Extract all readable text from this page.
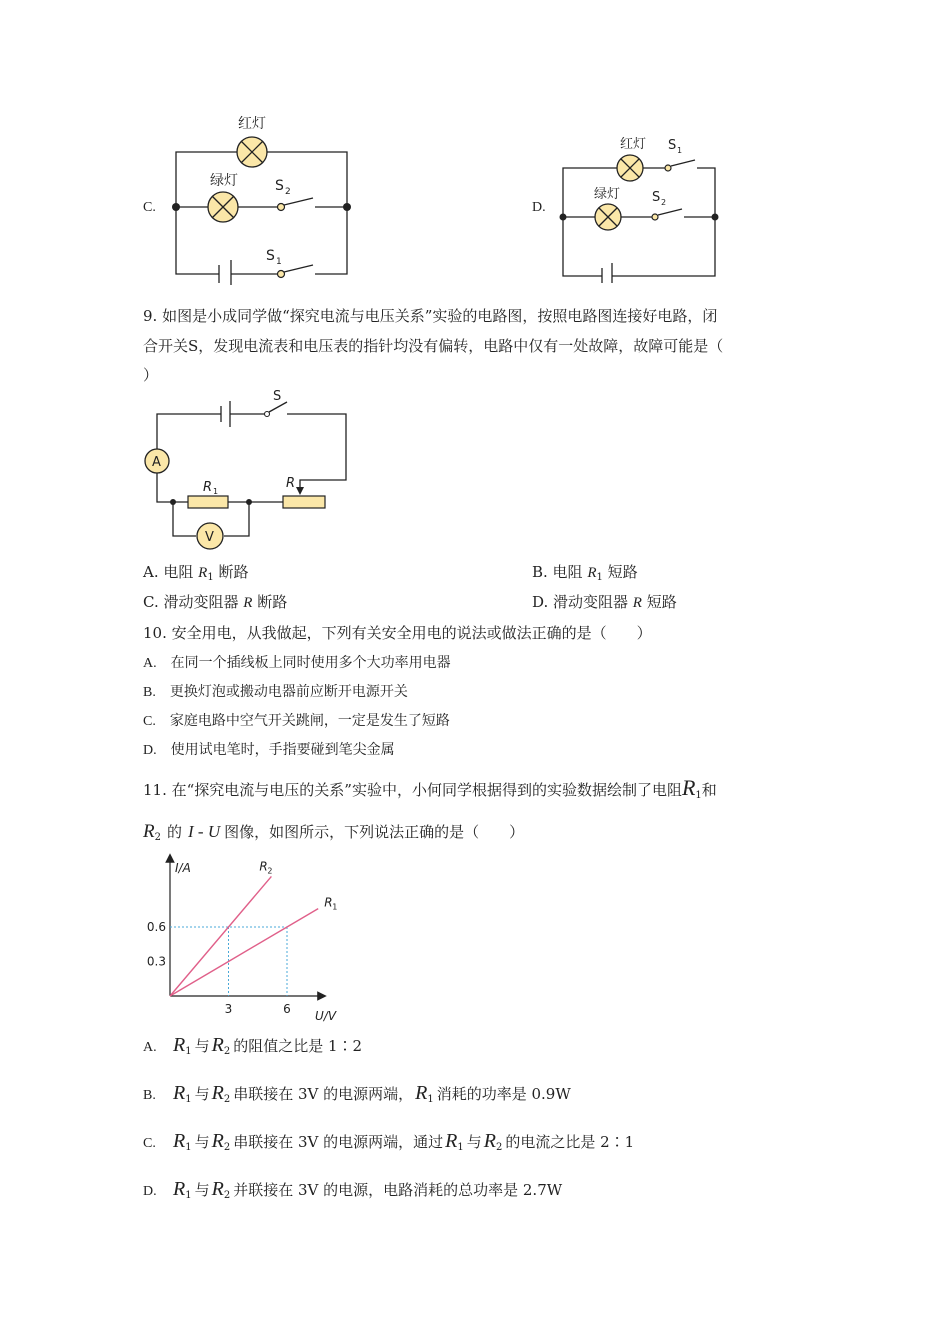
C.
红灯
绿灯	S 2
S 1
D.
红灯
绿灯
S 1
S 2
9. 如图是小成同学做“探究电流与电压关系”实验的电路图，按照电路图连接好电路，闭
合开关S，发现电流表和电压表的指针均没有偏转，电路中仅有一处故障，故障可能是（
）
A
V
S
R 1
R
A. 电阻 $R_1$ 断路	B. 电阻 $R_1$ 短路
C. 滑动变阻器 R 断路	D. 滑动变阻器 R 短路
10. 安全用电，从我做起，下列有关安全用电的说法或做法正确的是（　　）
A. 在同一个插线板上同时使用多个大功率用电器
B. 更换灯泡或搬动电器前应断开电源开关
C. 家庭电路中空气开关跳闸，一定是发生了短路
D. 使用试电笔时，手指要碰到笔尖金属
11. 在“探究电流与电压的关系”实验中，小何同学根据得到的实验数据绘制了电阻$R_1$和
$R_2$ 的 I - U 图像，如图所示，下列说法正确的是（　　）
R 2
R 1
0.3
0.6
3	6
I/A
U/V
A. $R_1$ 与 $R_2$ 的阻值之比是 1∶2
B. $R_1$ 与 $R_2$ 串联接在 3V 的电源两端， $R_1$ 消耗的功率是 0.9W
C. $R_1$ 与 $R_2$ 串联接在 3V 的电源两端，通过 $R_1$ 与 $R_2$ 的电流之比是 2∶1
D. $R_1$ 与 $R_2$ 并联接在 3V 的电源，电路消耗的总功率是 2.7W
